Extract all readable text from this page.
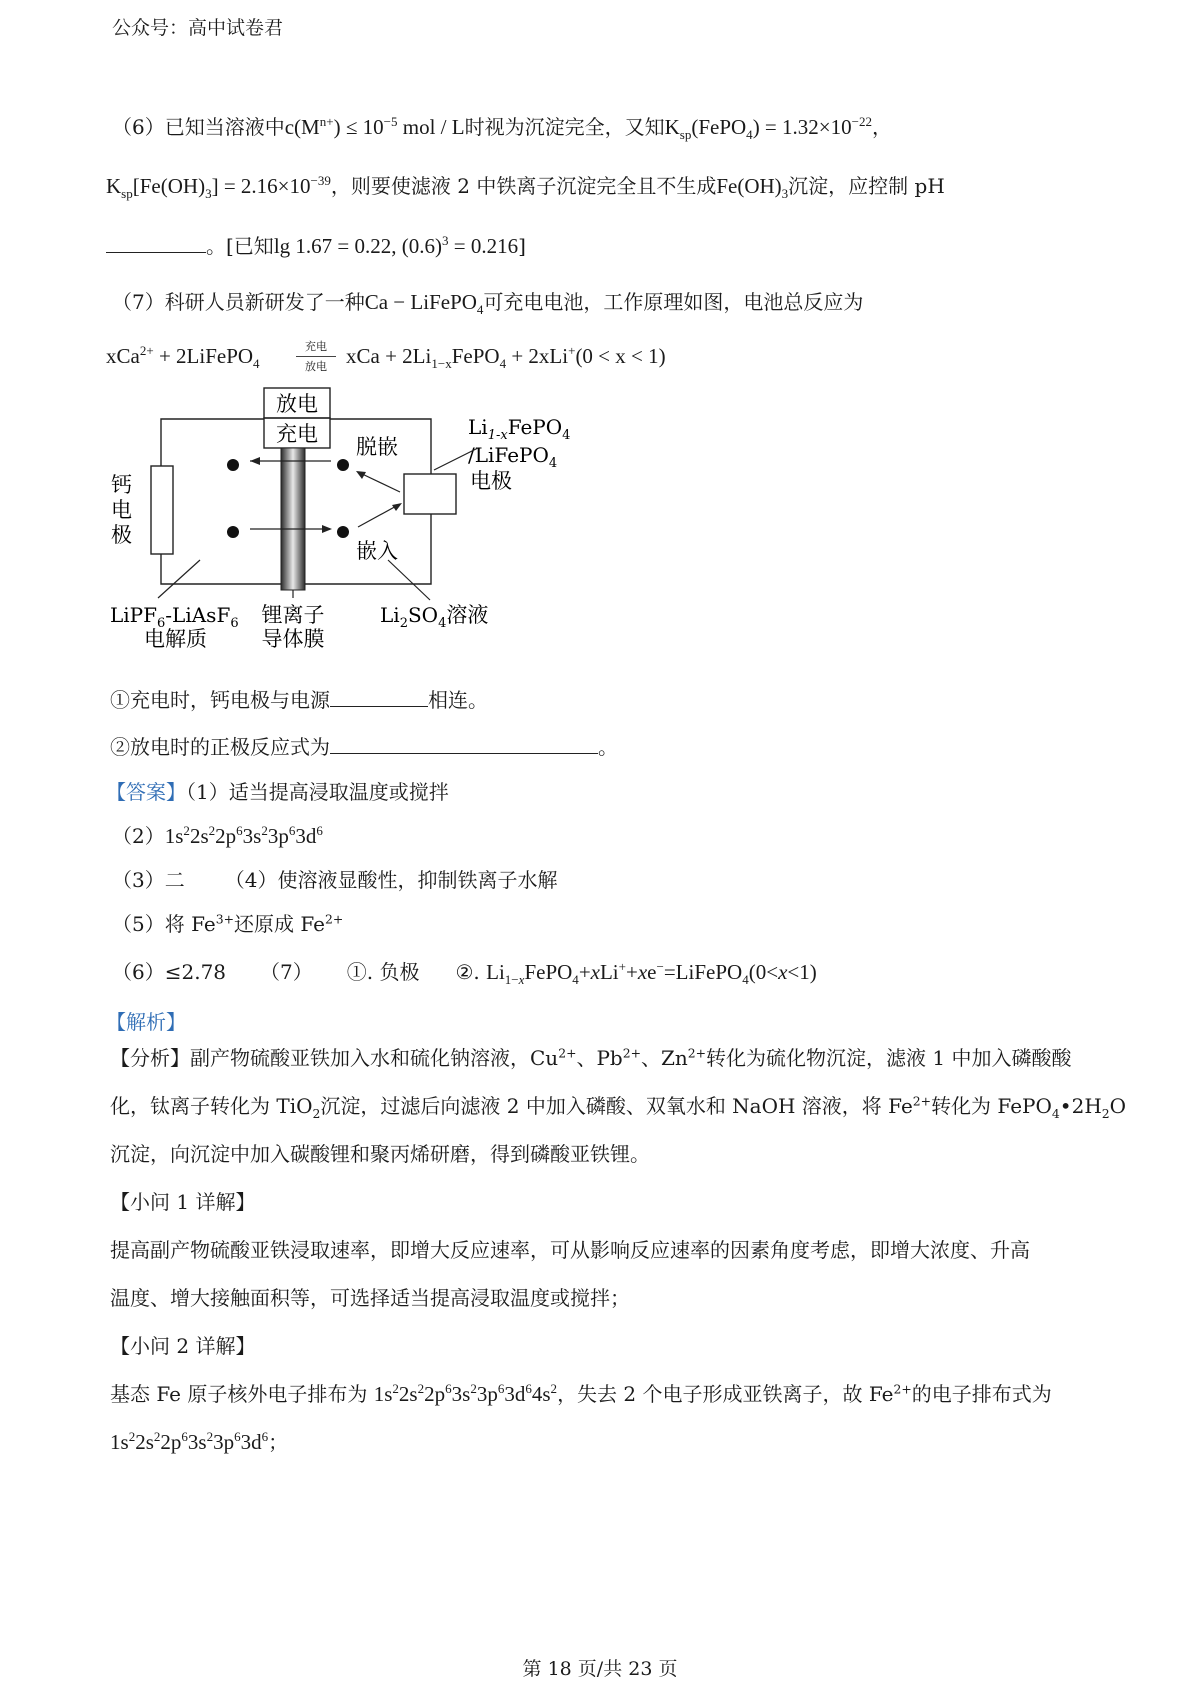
公众号：高中试卷君
（6）已知当溶液中$c(M^{n+}) \le 10^{-5}$ mol / L时视为沉淀完全，又知$K_{sp}(FePO_4) = 1.32\times 10^{-22}$，
$K_{sp}[Fe(OH)_3] = 2.16\times 10^{-39}$，则要使滤液 2 中铁离子沉淀完全且不生成$Fe(OH)_3$沉淀，应控制 pH
。[已知lg 1.67 = 0.22, $(0.6)^3 = 0.216$]
（7）科研人员新研发了一种Ca − LiFePO$_4$可充电电池，工作原理如图，电池总反应为
xCa$^{2+}$ + 2LiFePO$_4$
充电
放电 xCa + $2Li_{1-x}FePO_4 + 2xLi^+(0 < x < 1)$
放电
充电
脱嵌
嵌入
钙
电
极
$Li_{1-x}FePO_4$
/LiFePO$_4$
电极
LiPF$_6$-LiAsF$_6$
电解质
锂离子
导体膜
$Li_2SO_4$溶液
①充电时，钙电极与电源	相连。
②放电时的正极反应式为	。
【答案】（1）适当提高浸取温度或搅拌
$(2)1s^22s^22p^63s^23p^63d^6$
（3）二 （4）使溶液显酸性，抑制铁离子水解
（5）将 $Fe^{3+}$还原成 $Fe^{2+}$
（6）≤2.78 （7） ①. 负极 ②. $Li_{1-x}FePO_4+xLi^++xe^-=LiFePO_4(0<x<1)$
【解析】
【分析】副产物硫酸亚铁加入水和硫化钠溶液，$Cu^{2+}$、$Pb^{2+}$、$Zn^{2+}$转化为硫化物沉淀，滤液 1 中加入磷酸酸
化，钛离子转化为 TiO$_2$沉淀，过滤后向滤液 2 中加入磷酸、双氧水和 NaOH 溶液，将 $Fe^{2+}$转化为 $FePO_4•2H_2O$
沉淀，向沉淀中加入碳酸锂和聚丙烯研磨，得到磷酸亚铁锂。
【小问 1 详解】
提高副产物硫酸亚铁浸取速率，即增大反应速率，可从影响反应速率的因素角度考虑，即增大浓度、升高
温度、增大接触面积等，可选择适当提高浸取温度或搅拌；
【小问 2 详解】
基态 Fe 原子核外电子排布为 $1s^22s^22p^63s^23p^63d^64s^2$，失去 2 个电子形成亚铁离子，故 $Fe^{2+}$的电子排布式为
$1s^22s^22p^63s^23p^63d^6$；
第 18 页/共 23 页
